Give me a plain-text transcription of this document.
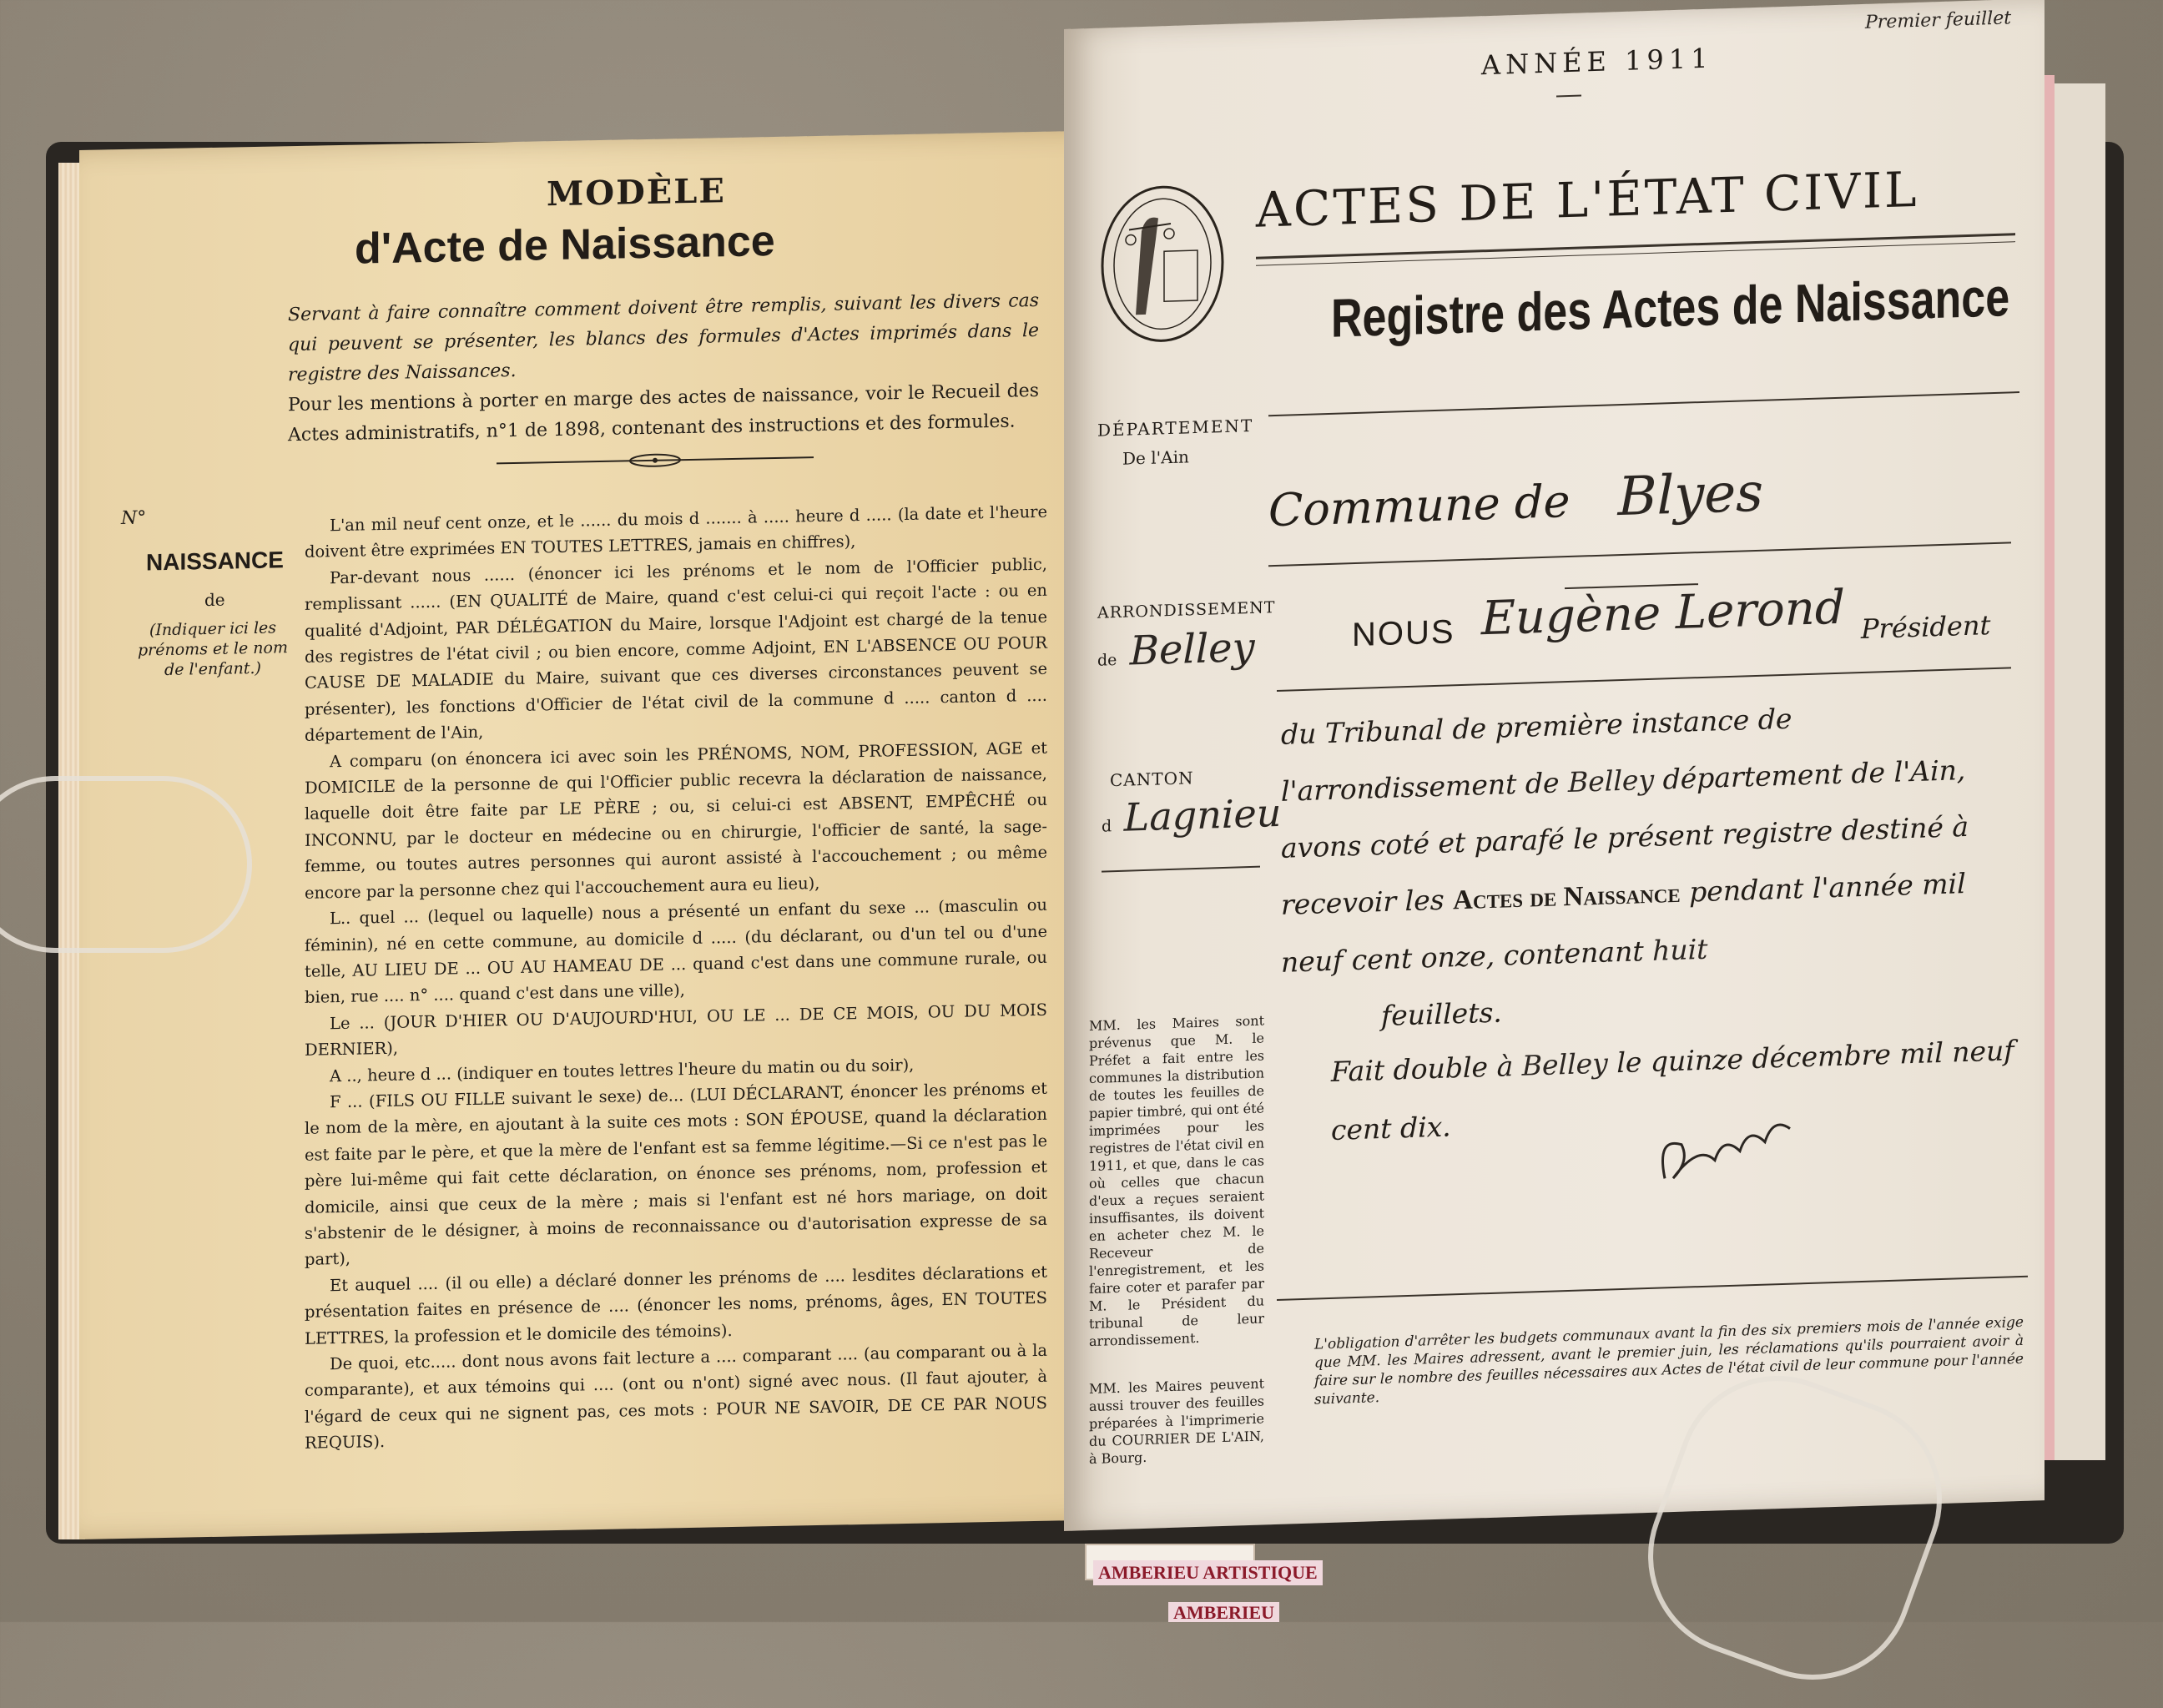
MODÈLE
d'Acte de Naissance
Servant à faire connaître comment doivent être remplis, suivant les divers cas qui peuvent se présenter, les blancs des formules d'Actes imprimés dans le registre des Naissances.
Pour les mentions à porter en marge des actes de naissance, voir le Recueil des Actes administratifs, n°1 de 1898, contenant des instructions et des formules.
N°
NAISSANCE
de
(Indiquer ici les prénoms et le nom de l'enfant.)

L'an mil neuf cent onze, et le ...... du mois d ....... à ..... heure d ..... (la date et l'heure doivent être exprimées EN TOUTES LETTRES, jamais en chiffres),

Par-devant nous ...... (énoncer ici les prénoms et le nom de l'Officier public, remplissant ...... (EN QUALITÉ de Maire, quand c'est celui-ci qui reçoit l'acte : ou en qualité d'Adjoint, PAR DÉLÉGATION du Maire, lorsque l'Adjoint est chargé de la tenue des registres de l'état civil ; ou bien encore, comme Adjoint, EN L'ABSENCE OU POUR CAUSE DE MALADIE du Maire, suivant que ces diverses circonstances peuvent se présenter), les fonctions d'Officier de l'état civil de la commune d ..... canton d .... département de l'Ain,

A comparu (on énoncera ici avec soin les PRÉNOMS, NOM, PROFESSION, AGE et DOMICILE de la personne de qui l'Officier public recevra la déclaration de naissance, laquelle doit être faite par LE PÈRE ; ou, si celui-ci est ABSENT, EMPÊCHÉ ou INCONNU, par le docteur en médecine ou en chirurgie, l'officier de santé, la sage-femme, ou toutes autres personnes qui auront assisté à l'accouchement ; ou même encore par la personne chez qui l'accouchement aura eu lieu),

L.. quel ... (lequel ou laquelle) nous a présenté un enfant du sexe ... (masculin ou féminin), né en cette commune, au domicile d ..... (du déclarant, ou d'un tel ou d'une telle, AU LIEU DE ... OU AU HAMEAU DE ... quand c'est dans une commune rurale, ou bien, rue .... n° .... quand c'est dans une ville),

Le ... (JOUR D'HIER OU D'AUJOURD'HUI, OU LE ... DE CE MOIS, OU DU MOIS DERNIER),

A .., heure d ... (indiquer en toutes lettres l'heure du matin ou du soir),

F ... (FILS OU FILLE suivant le sexe) de... (LUI DÉCLARANT, énoncer les prénoms et le nom de la mère, en ajoutant à la suite ces mots : SON ÉPOUSE, quand la déclaration est faite par le père, et que la mère de l'enfant est sa femme légitime.—Si ce n'est pas le père lui-même qui fait cette déclaration, on énonce ses prénoms, nom, profession et domicile, ainsi que ceux de la mère ; mais si l'enfant est né hors mariage, on doit s'abstenir de le désigner, à moins de reconnaissance ou d'autorisation expresse de sa part),

Et auquel .... (il ou elle) a déclaré donner les prénoms de .... lesdites déclarations et présentation faites en présence de .... (énoncer les noms, prénoms, âges, EN TOUTES LETTRES, la profession et le domicile des témoins).

De quoi, etc..... dont nous avons fait lecture a .... comparant .... (au comparant ou à la comparante), et aux témoins qui .... (ont ou n'ont) signé avec nous. (Il faut ajouter, à l'égard de ceux qui ne signent pas, ces mots : POUR NE SAVOIR, DE CE PAR NOUS REQUIS).

Premier feuillet
ANNÉE 1911
ACTES DE L'ÉTAT CIVIL
Registre des Actes de Naissance
DÉPARTEMENT
De l'Ain
Commune de Blyes
ARRONDISSEMENT
de Belley	NOUS Eugène Lerond Président
CANTON
d Lagnieu
du Tribunal de première instance de l'arrondissement de Belley département de l'Ain, avons coté et parafé le présent registre destiné à recevoir les Actes de Naissance pendant l'année mil neuf cent onze, contenant huit
feuillets.
Fait double à Belley le quinze décembre mil neuf cent dix.
MM. les Maires sont prévenus que M. le Préfet a fait entre les communes la distribution de toutes les feuilles de papier timbré, qui ont été imprimées pour les registres de l'état civil en 1911, et que, dans le cas où celles que chacun d'eux a reçues seraient insuffisantes, ils doivent en acheter chez M. le Receveur de l'enregistrement, et les faire coter et parafer par M. le Président du tribunal de leur arrondissement.
MM. les Maires peuvent aussi trouver des feuilles préparées à l'imprimerie du COURRIER DE L'AIN, à Bourg.
L'obligation d'arrêter les budgets communaux avant la fin des six premiers mois de l'année exige que MM. les Maires adressent, avant le premier juin, les réclamations qu'ils pourraient avoir à faire sur le nombre des feuilles nécessaires aux Actes de l'état civil de leur commune pour l'année suivante.
AMBERIEU ARTISTIQUE
AMBERIEU
